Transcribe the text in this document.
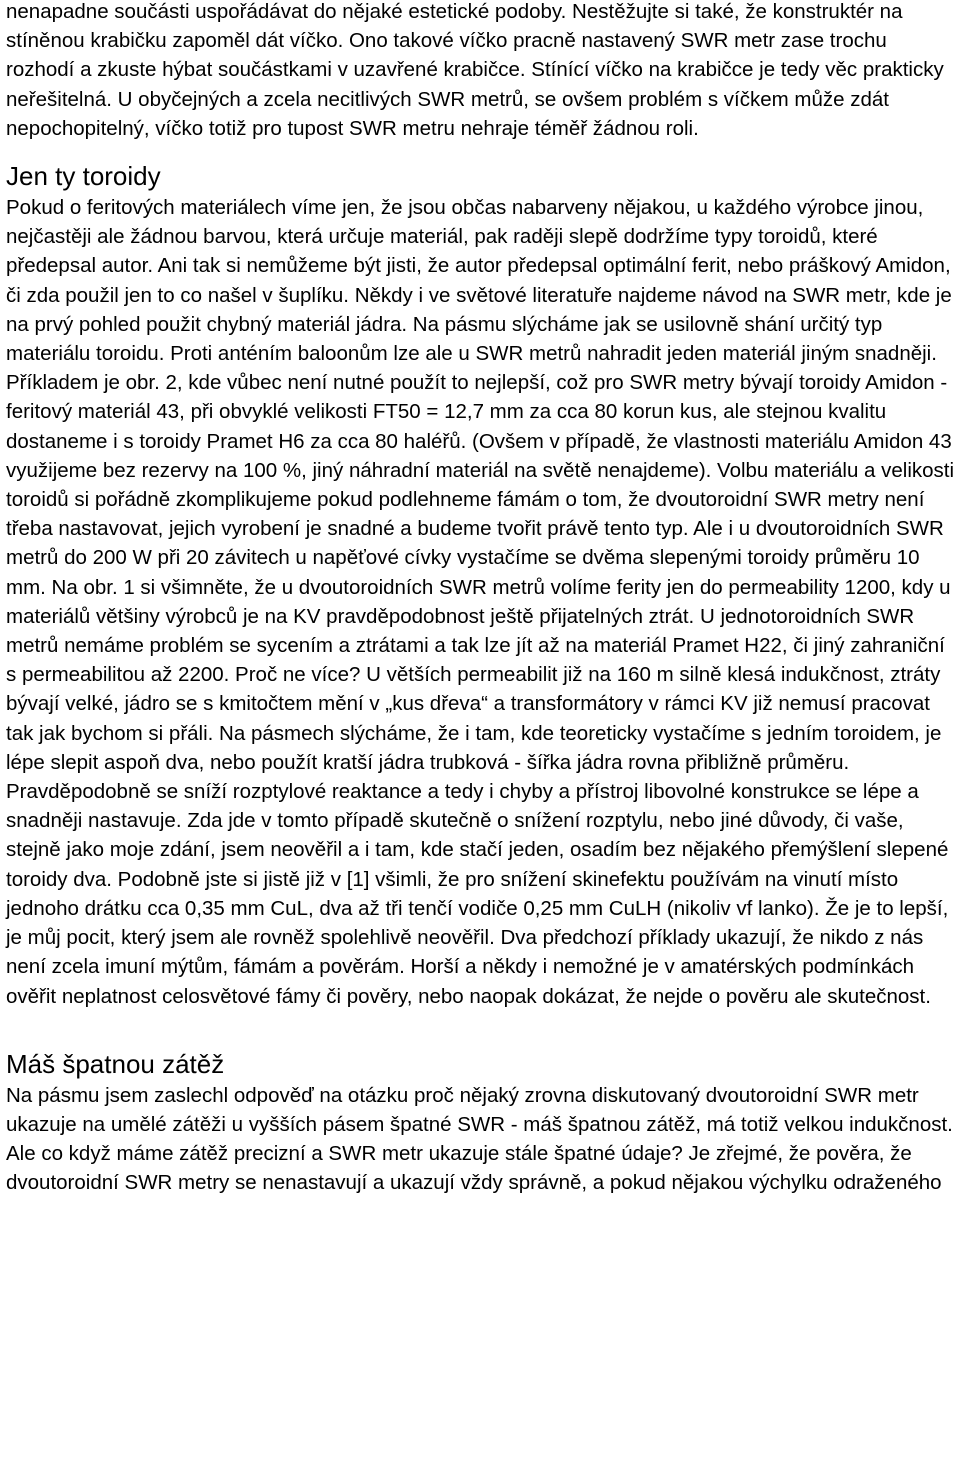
nenapadne součásti uspořádávat do nějaké estetické podoby. Nestěžujte si také, že konstruktér na stíněnou krabičku zapoměl dát víčko. Ono takové víčko pracně nastavený SWR metr zase trochu rozhodí a zkuste hýbat součástkami v uzavřené krabičce. Stínící víčko na krabičce je tedy věc prakticky neřešitelná. U obyčejných a zcela necitlivých SWR metrů, se ovšem problém s víčkem může zdát nepochopitelný, víčko totiž pro tupost SWR metru nehraje téměř žádnou roli.

Jen ty toroidy

Pokud o feritových materiálech víme jen, že jsou občas nabarveny nějakou, u každého výrobce jinou, nejčastěji ale žádnou barvou, která určuje materiál, pak raději slepě dodržíme typy toroidů, které předepsal autor. Ani tak si nemůžeme být jisti, že autor předepsal optimální ferit, nebo práškový Amidon, či zda použil jen to co našel v šuplíku. Někdy i ve světové literatuře najdeme návod na SWR metr, kde je na prvý pohled použit chybný materiál jádra. Na pásmu slýcháme jak se usilovně shání určitý typ materiálu toroidu. Proti anténím baloonům lze ale u SWR metrů nahradit jeden materiál jiným snadněji. Příkladem je obr. 2, kde vůbec není nutné použít to nejlepší, což pro SWR metry bývají toroidy Amidon - feritový materiál 43, při obvyklé velikosti FT50 = 12,7 mm za cca 80 korun kus, ale stejnou kvalitu dostaneme i s toroidy Pramet H6 za cca 80 haléřů. (Ovšem v případě, že vlastnosti materiálu Amidon 43 využijeme bez rezervy na 100 %, jiný náhradní materiál na světě nenajdeme). Volbu materiálu a velikosti toroidů si pořádně zkomplikujeme pokud podlehneme fámám o tom, že dvoutoroidní SWR metry není třeba nastavovat, jejich vyrobení je snadné a budeme tvořit právě tento typ. Ale i u dvoutoroidních SWR metrů do 200 W při 20 závitech u napěťové cívky vystačíme se dvěma slepenými toroidy průměru 10 mm. Na obr. 1 si všimněte, že u dvoutoroidních SWR metrů volíme ferity jen do permeability 1200, kdy u materiálů většiny výrobců je na KV pravděpodobnost ještě přijatelných ztrát. U jednotoroidních SWR metrů nemáme problém se sycením a ztrátami a tak lze jít až na materiál Pramet H22, či jiný zahraniční s permeabilitou až 2200. Proč ne více? U větších permeabilit již na 160 m silně klesá indukčnost, ztráty bývají velké, jádro se s kmitočtem mění v „kus dřeva“ a transformátory v rámci KV již nemusí pracovat tak jak bychom si přáli. Na pásmech slýcháme, že i tam, kde teoreticky vystačíme s jedním toroidem, je lépe slepit aspoň dva, nebo použít kratší jádra trubková - šířka jádra rovna přibližně průměru. Pravděpodobně se sníží rozptylové reaktance a tedy i chyby a přístroj libovolné konstrukce se lépe a snadněji nastavuje. Zda jde v tomto případě skutečně o snížení rozptylu, nebo jiné důvody, či vaše, stejně jako moje zdání, jsem neověřil a i tam, kde stačí jeden, osadím bez nějakého přemýšlení slepené toroidy dva. Podobně jste si jistě již v [1] všimli, že pro snížení skinefektu používám na vinutí místo jednoho drátku cca 0,35 mm CuL, dva až tři tenčí vodiče 0,25 mm CuLH (nikoliv vf lanko). Že je to lepší, je můj pocit, který jsem ale rovněž spolehlivě neověřil. Dva předchozí příklady ukazují, že nikdo z nás není zcela imuní mýtům, fámám a pověrám. Horší a někdy i nemožné je v amatérských podmínkách ověřit neplatnost celosvětové fámy či pověry, nebo naopak dokázat, že nejde o pověru ale skutečnost.

Máš špatnou zátěž

Na pásmu jsem zaslechl odpověď na otázku proč nějaký zrovna diskutovaný dvoutoroidní SWR metr ukazuje na umělé zátěži u vyšších pásem špatné SWR - máš špatnou zátěž, má totiž velkou indukčnost. Ale co když máme zátěž precizní a SWR metr ukazuje stále špatné údaje? Je zřejmé, že pověra, že dvoutoroidní SWR metry se nenastavují a ukazují vždy správně, a pokud nějakou výchylku odraženého
